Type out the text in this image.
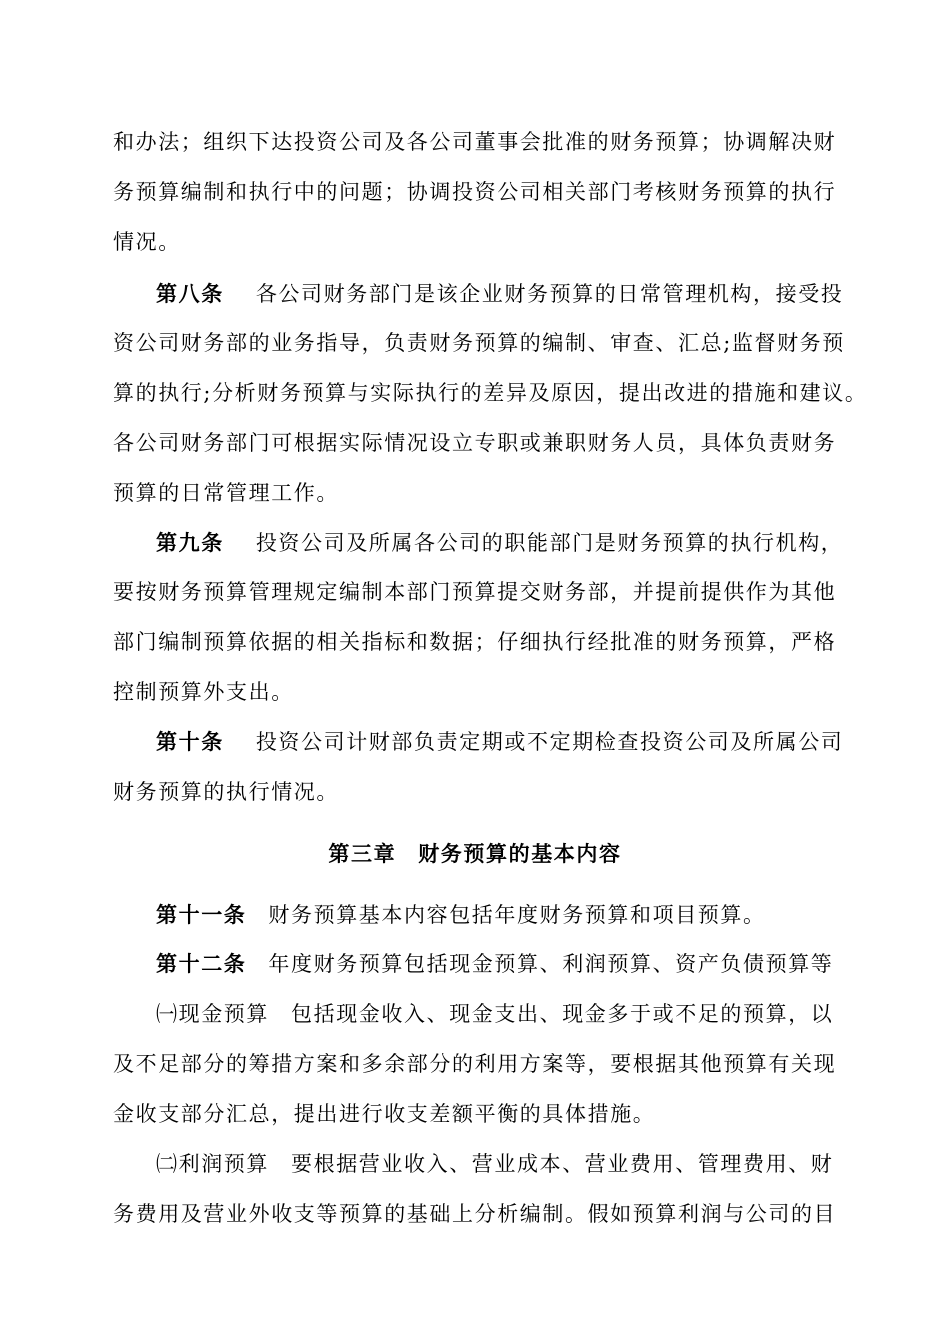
和办法；组织下达投资公司及各公司董事会批准的财务预算；协调解决财
务预算编制和执行中的问题；协调投资公司相关部门考核财务预算的执行
情况。
第八条 各公司财务部门是该企业财务预算的日常管理机构，接受投
资公司财务部的业务指导，负责财务预算的编制、审查、汇总;监督财务预
算的执行;分析财务预算与实际执行的差异及原因，提出改进的措施和建议。
各公司财务部门可根据实际情况设立专职或兼职财务人员，具体负责财务
预算的日常管理工作。
第九条 投资公司及所属各公司的职能部门是财务预算的执行机构，
要按财务预算管理规定编制本部门预算提交财务部，并提前提供作为其他
部门编制预算依据的相关指标和数据；仔细执行经批准的财务预算，严格
控制预算外支出。
第十条 投资公司计财部负责定期或不定期检查投资公司及所属公司
财务预算的执行情况。
第三章 财务预算的基本内容
第十一条 财务预算基本内容包括年度财务预算和项目预算。
第十二条 年度财务预算包括现金预算、利润预算、资产负债预算等
㈠现金预算 包括现金收入、现金支出、现金多于或不足的预算，以
及不足部分的筹措方案和多余部分的利用方案等，要根据其他预算有关现
金收支部分汇总，提出进行收支差额平衡的具体措施。
㈡利润预算 要根据营业收入、营业成本、营业费用、管理费用、财
务费用及营业外收支等预算的基础上分析编制。假如预算利润与公司的目
